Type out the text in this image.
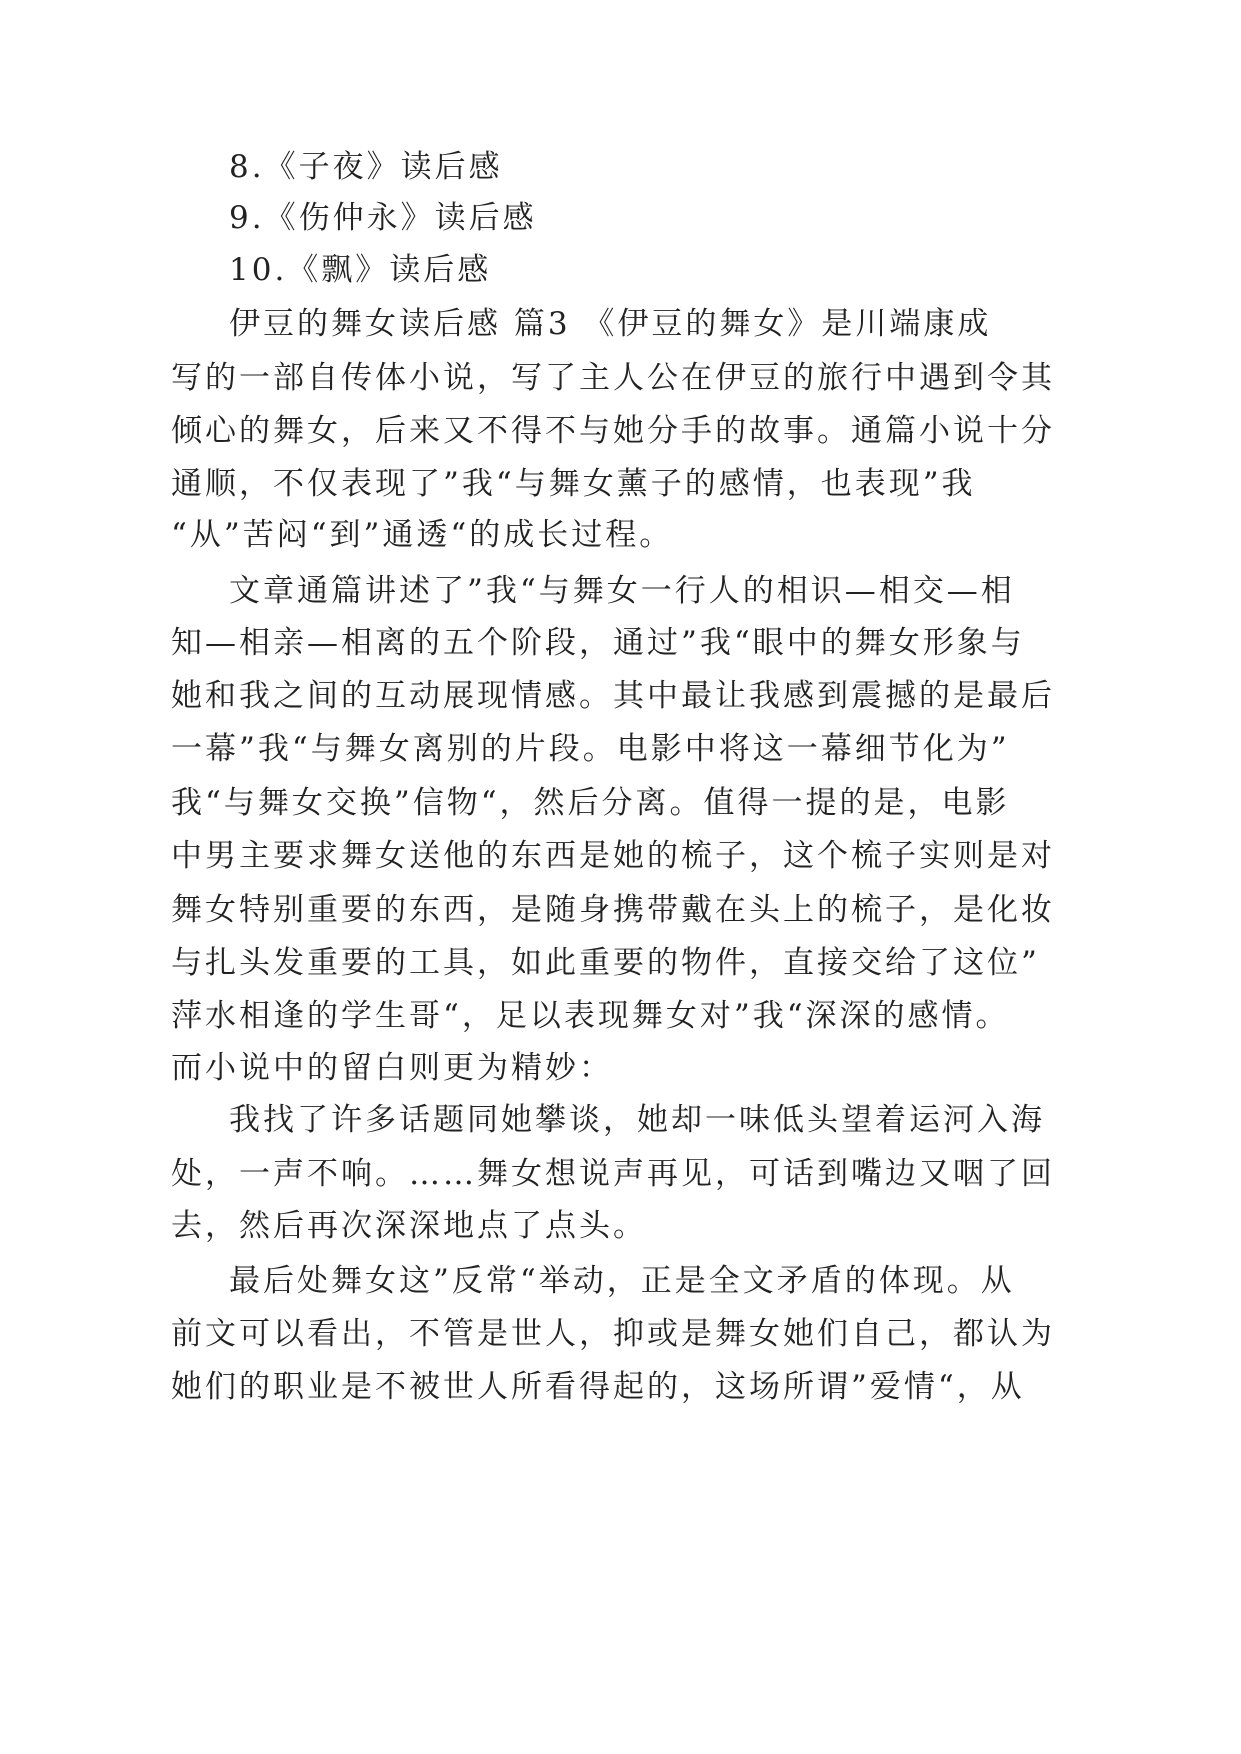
8.《子夜》读后感
9.《伤仲永》读后感
10.《飘》读后感
伊豆的舞女读后感 篇3 《伊豆的舞女》是川端康成
写的一部自传体小说，写了主人公在伊豆的旅行中遇到令其
倾心的舞女，后来又不得不与她分手的故事。通篇小说十分
通顺，不仅表现了”我“与舞女薰子的感情，也表现”我
“从”苦闷“到”通透“的成长过程。
文章通篇讲述了”我“与舞女一行人的相识—相交—相
知—相亲—相离的五个阶段，通过”我“眼中的舞女形象与
她和我之间的互动展现情感。其中最让我感到震撼的是最后
一幕”我“与舞女离别的片段。电影中将这一幕细节化为”
我“与舞女交换”信物“，然后分离。值得一提的是，电影
中男主要求舞女送他的东西是她的梳子，这个梳子实则是对
舞女特别重要的东西，是随身携带戴在头上的梳子，是化妆
与扎头发重要的工具，如此重要的物件，直接交给了这位”
萍水相逢的学生哥“，足以表现舞女对”我“深深的感情。
而小说中的留白则更为精妙：
我找了许多话题同她攀谈，她却一味低头望着运河入海
处，一声不响。……舞女想说声再见，可话到嘴边又咽了回
去，然后再次深深地点了点头。
最后处舞女这”反常“举动，正是全文矛盾的体现。从
前文可以看出，不管是世人，抑或是舞女她们自己，都认为
她们的职业是不被世人所看得起的，这场所谓”爱情“，从
